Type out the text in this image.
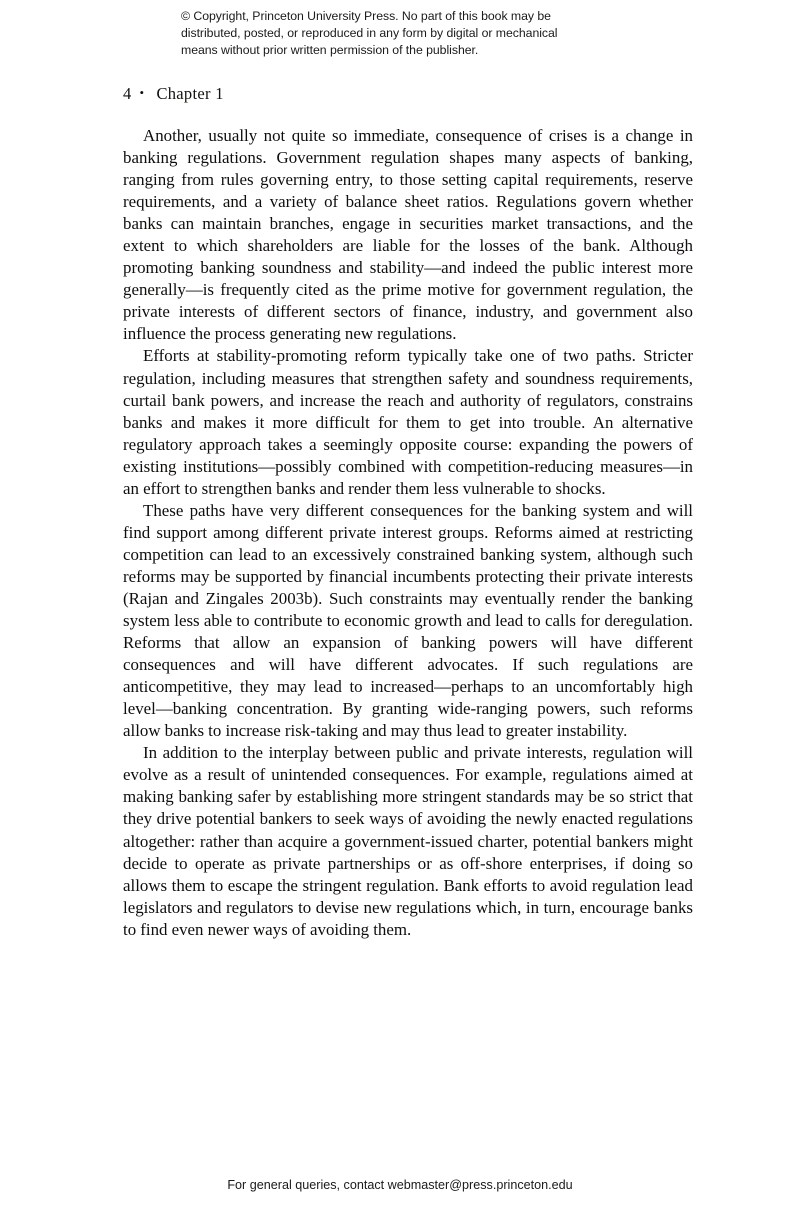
© Copyright, Princeton University Press. No part of this book may be

distributed, posted, or reproduced in any form by digital or mechanical

means without prior written permission of the publisher.

4 • Chapter 1

Another, usually not quite so immediate, consequence of crises is a change in banking regulations. Government regulation shapes many aspects of banking, ranging from rules governing entry, to those setting capital requirements, reserve requirements, and a variety of balance sheet ratios. Regulations govern whether banks can maintain branches, engage in securities market transactions, and the extent to which shareholders are liable for the losses of the bank. Although promoting banking soundness and stability—and indeed the public interest more generally—is frequently cited as the prime motive for government regulation, the private interests of different sectors of finance, industry, and government also influence the process generating new regulations.

Efforts at stability-promoting reform typically take one of two paths. Stricter regulation, including measures that strengthen safety and soundness requirements, curtail bank powers, and increase the reach and authority of regulators, constrains banks and makes it more difficult for them to get into trouble. An alternative regulatory approach takes a seemingly opposite course: expanding the powers of existing institutions—possibly combined with competition-reducing measures—in an effort to strengthen banks and render them less vulnerable to shocks.

These paths have very different consequences for the banking system and will find support among different private interest groups. Reforms aimed at restricting competition can lead to an excessively constrained banking system, although such reforms may be supported by financial incumbents protecting their private interests (Rajan and Zingales 2003b). Such constraints may eventually render the banking system less able to contribute to economic growth and lead to calls for deregulation. Reforms that allow an expansion of banking powers will have different consequences and will have different advocates. If such regulations are anticompetitive, they may lead to increased—perhaps to an uncomfortably high level—banking concentration. By granting wide-ranging powers, such reforms allow banks to increase risk-taking and may thus lead to greater instability.

In addition to the interplay between public and private interests, regulation will evolve as a result of unintended consequences. For example, regulations aimed at making banking safer by establishing more stringent standards may be so strict that they drive potential bankers to seek ways of avoiding the newly enacted regulations altogether: rather than acquire a government-issued charter, potential bankers might decide to operate as private partnerships or as off-shore enterprises, if doing so allows them to escape the stringent regulation. Bank efforts to avoid regulation lead legislators and regulators to devise new regulations which, in turn, encourage banks to find even newer ways of avoiding them.

For general queries, contact webmaster@press.princeton.edu
